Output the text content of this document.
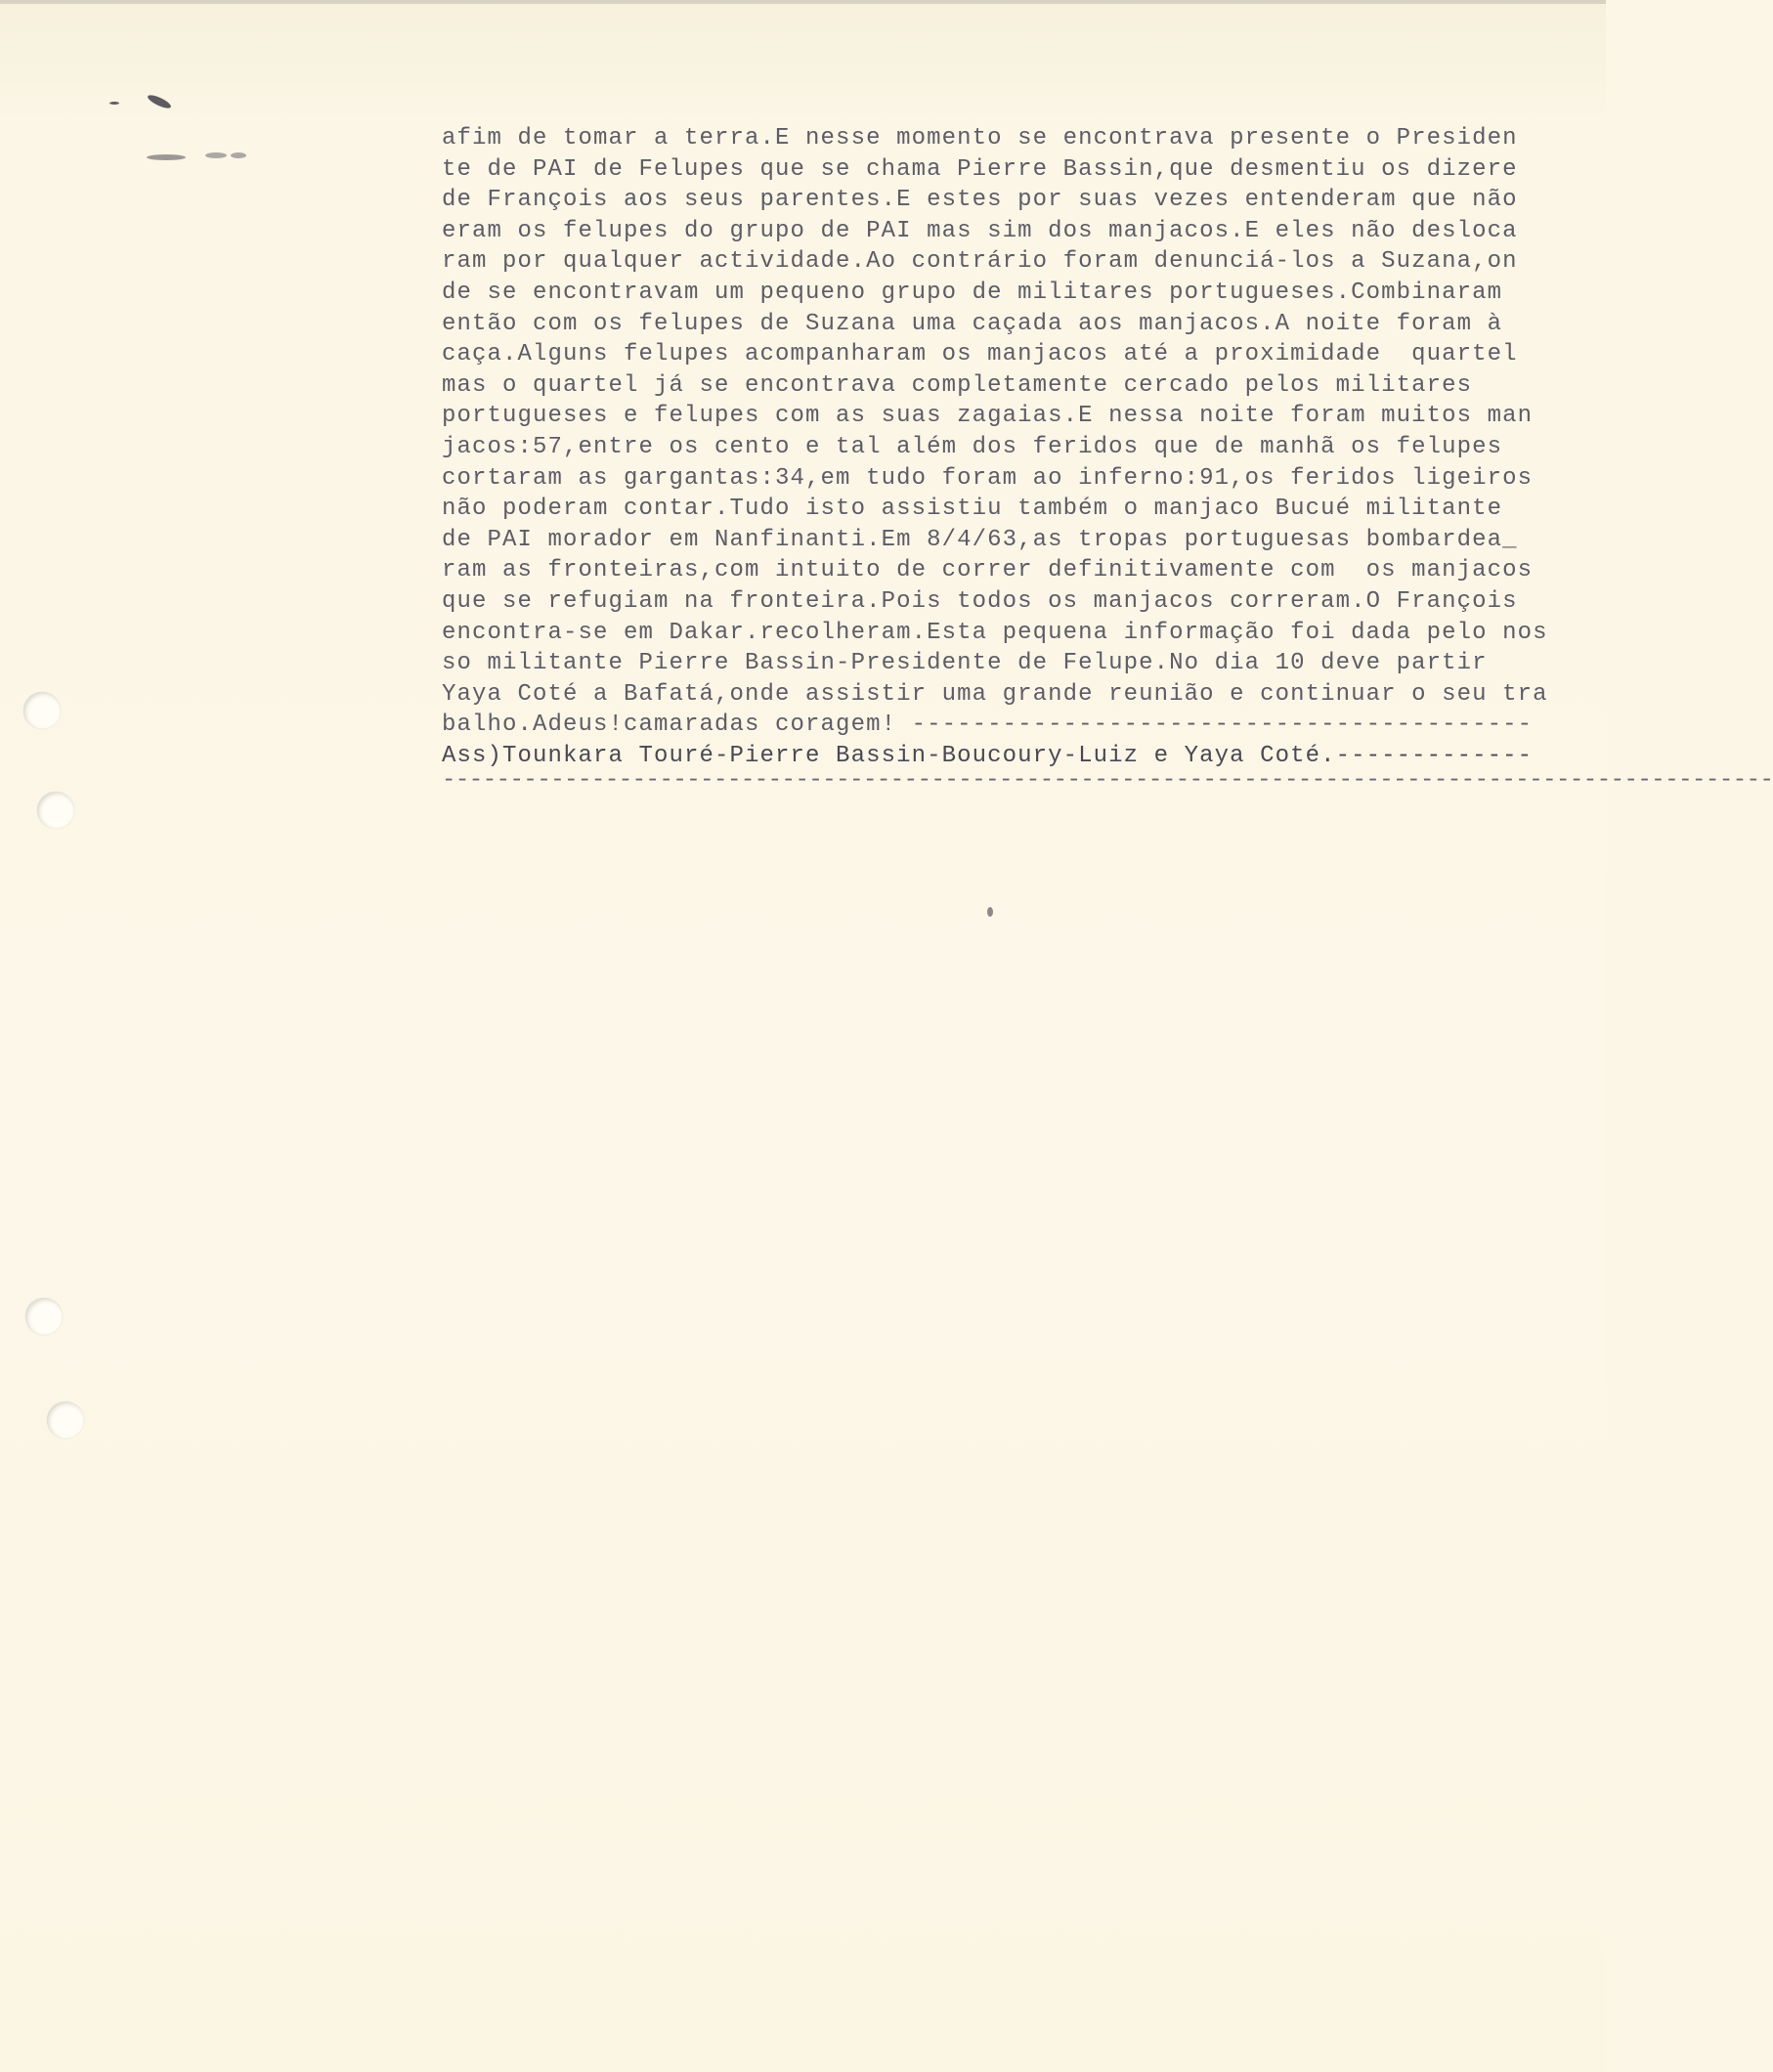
afim de tomar a terra.E nesse momento se encontrava presente o Presiden
te de PAI de Felupes que se chama Pierre Bassin,que desmentiu os dizere
de François aos seus parentes.E estes por suas vezes entenderam que não
eram os felupes do grupo de PAI mas sim dos manjacos.E eles não desloca
ram por qualquer actividade.Ao contrário foram denunciá-los a Suzana,on
de se encontravam um pequeno grupo de militares portugueses.Combinaram
então com os felupes de Suzana uma caçada aos manjacos.A noite foram à
caça.Alguns felupes acompanharam os manjacos até a proximidade  quartel
mas o quartel já se encontrava completamente cercado pelos militares
portugueses e felupes com as suas zagaias.E nessa noite foram muitos man
jacos:57,entre os cento e tal além dos feridos que de manhã os felupes
cortaram as gargantas:34,em tudo foram ao inferno:91,os feridos ligeiros
não poderam contar.Tudo isto assistiu também o manjaco Bucué militante
de PAI morador em Nanfinanti.Em 8/4/63,as tropas portuguesas bombardea_
ram as fronteiras,com intuito de correr definitivamente com  os manjacos
que se refugiam na fronteira.Pois todos os manjacos correram.O François
encontra-se em Dakar.recolheram.Esta pequena informação foi dada pelo nos
so militante Pierre Bassin-Presidente de Felupe.No dia 10 deve partir
Yaya Coté a Bafatá,onde assistir uma grande reunião e continuar o seu tra
balho.Adeus!camaradas coragem! -----------------------------------------
Ass)Tounkara Touré-Pierre Bassin-Boucoury-Luiz e Yaya Coté.-------------
--------------------------------------------------------------------------------------------------
